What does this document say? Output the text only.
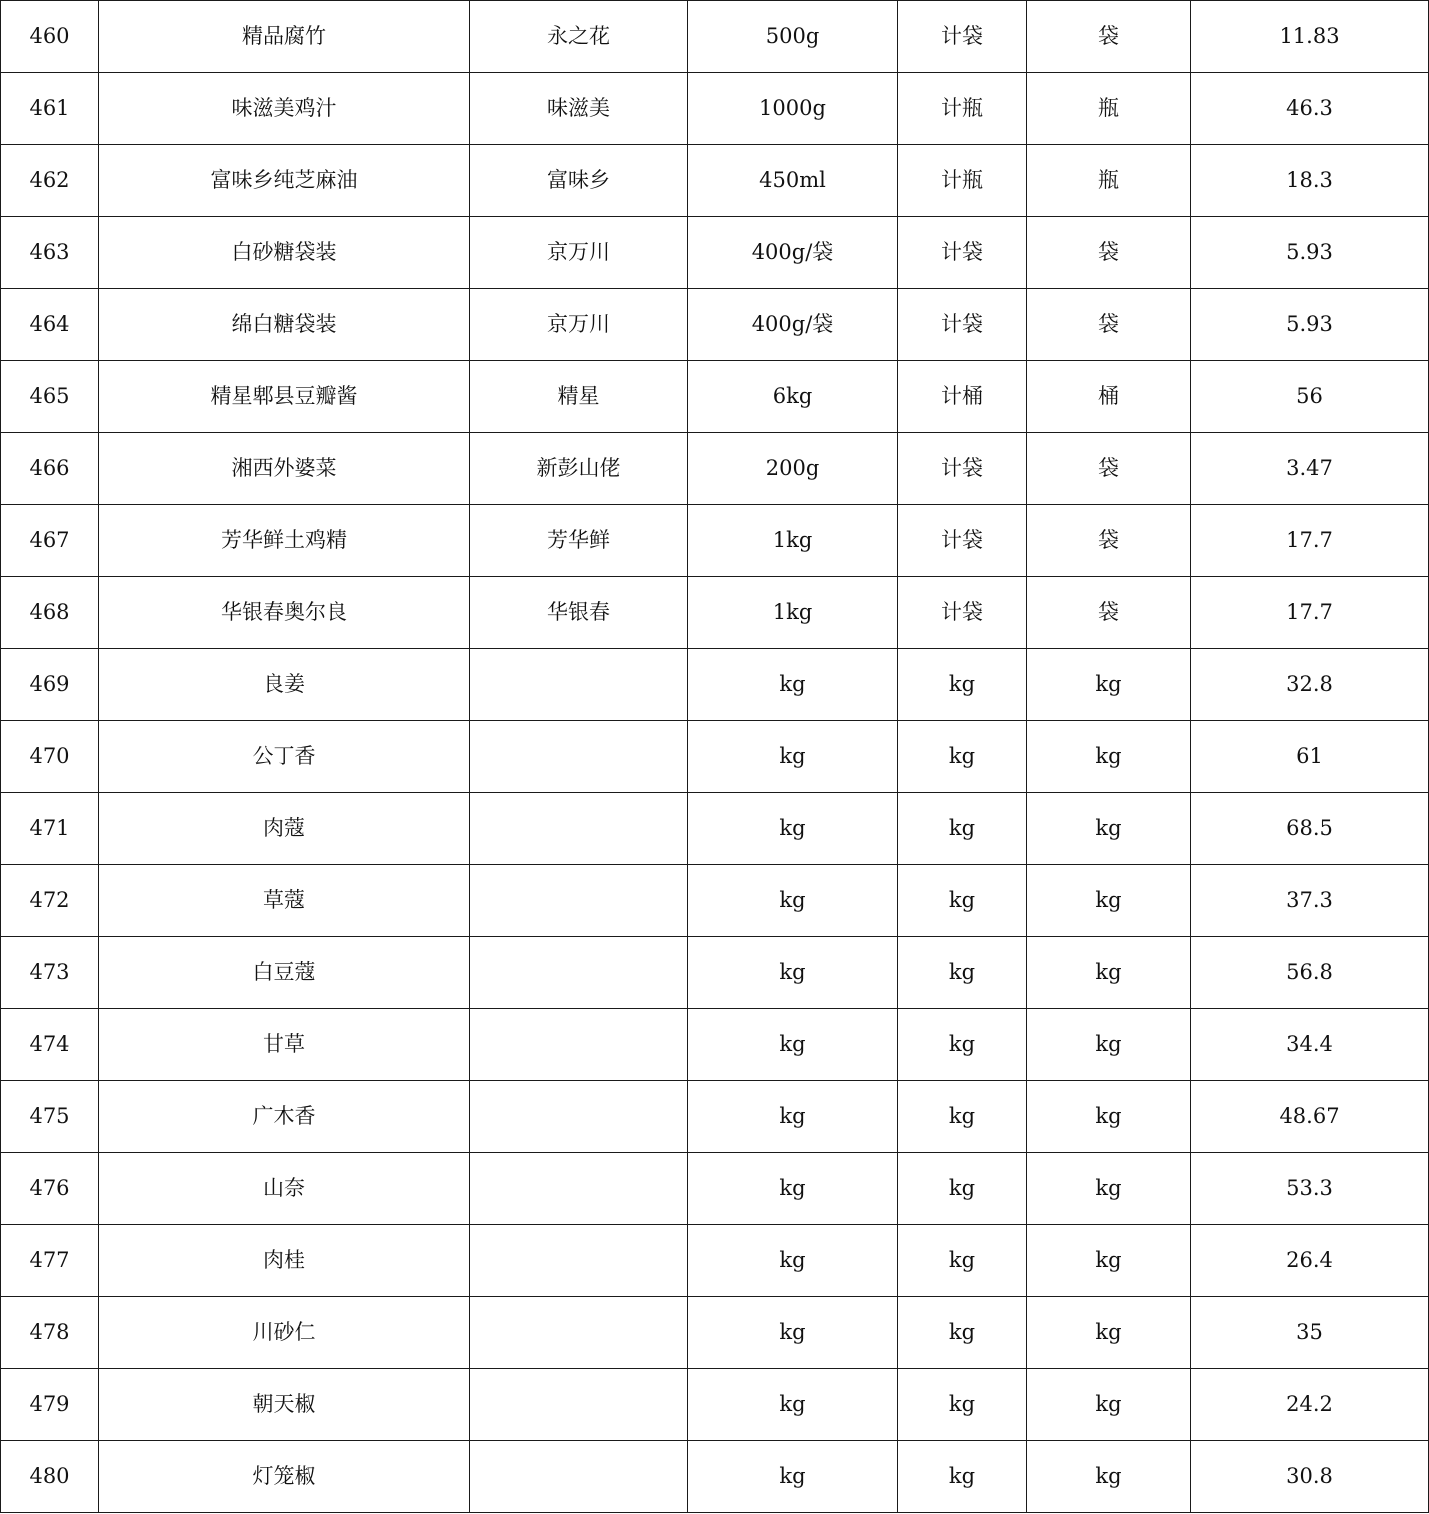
460	精品腐竹	永之花	500g	计袋	袋	11.83
461	味滋美鸡汁	味滋美	1000g	计瓶	瓶	46.3
462	富味乡纯芝麻油	富味乡	450ml	计瓶	瓶	18.3
463	白砂糖袋装	京万川	400g/袋	计袋	袋	5.93
464	绵白糖袋装	京万川	400g/袋	计袋	袋	5.93
465	精星郫县豆瓣酱	精星	6kg	计桶	桶	56
466	湘西外婆菜	新彭山佬	200g	计袋	袋	3.47
467	芳华鲜土鸡精	芳华鲜	1kg	计袋	袋	17.7
468	华银春奥尔良	华银春	1kg	计袋	袋	17.7
469	良姜		kg	kg	kg	32.8
470	公丁香		kg	kg	kg	61
471	肉蔻		kg	kg	kg	68.5
472	草蔻		kg	kg	kg	37.3
473	白豆蔻		kg	kg	kg	56.8
474	甘草		kg	kg	kg	34.4
475	广木香		kg	kg	kg	48.67
476	山奈		kg	kg	kg	53.3
477	肉桂		kg	kg	kg	26.4
478	川砂仁		kg	kg	kg	35
479	朝天椒		kg	kg	kg	24.2
480	灯笼椒		kg	kg	kg	30.8
